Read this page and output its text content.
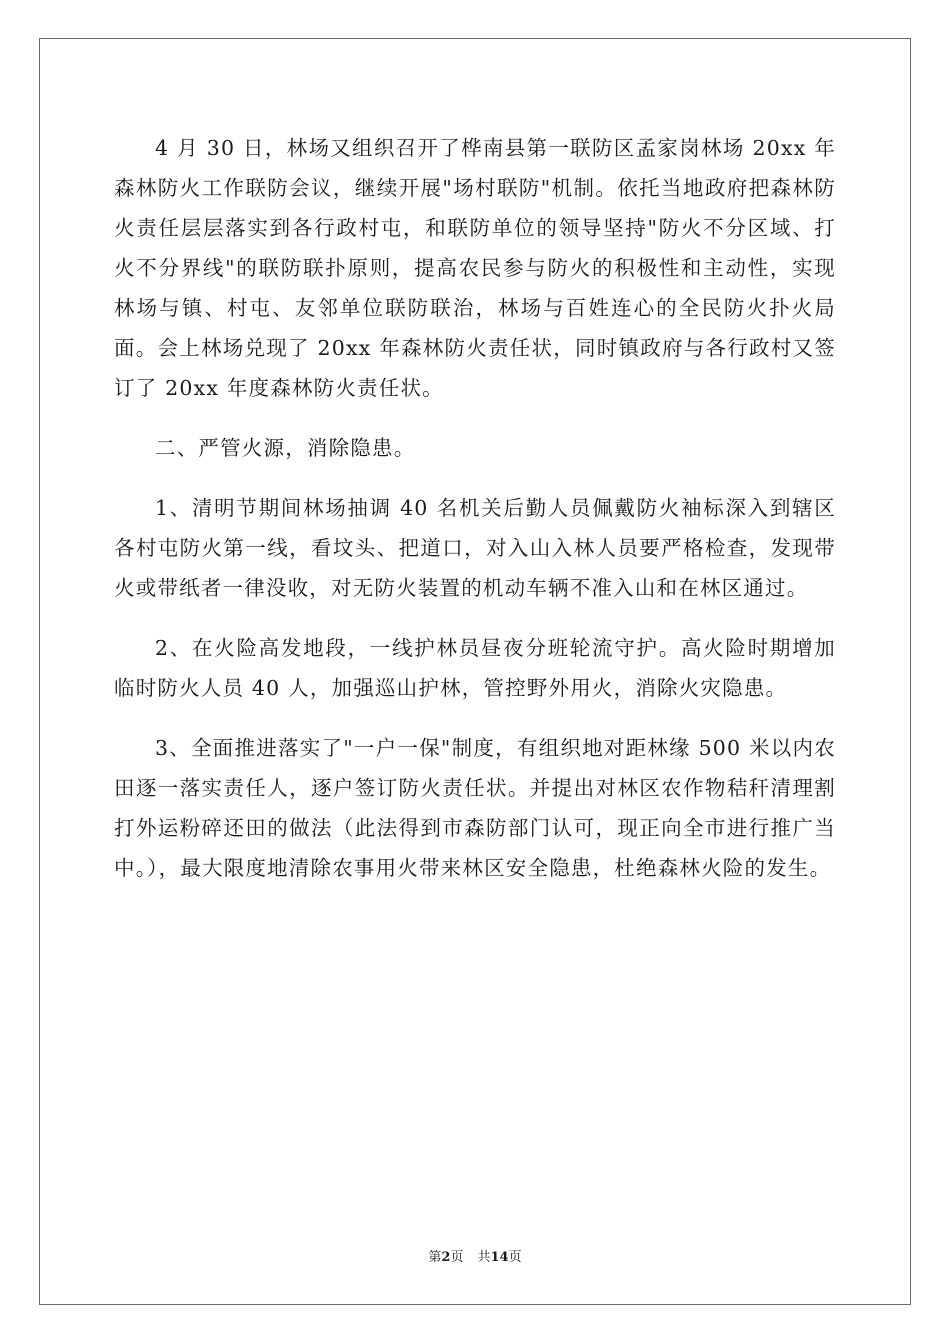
4 月 30 日，林场又组织召开了桦南县第一联防区孟家岗林场 20xx 年森林防火工作联防会议，继续开展"场村联防"机制。依托当地政府把森林防火责任层层落实到各行政村屯，和联防单位的领导坚持"防火不分区域、打火不分界线"的联防联扑原则，提高农民参与防火的积极性和主动性，实现林场与镇、村屯、友邻单位联防联治，林场与百姓连心的全民防火扑火局面。会上林场兑现了 20xx 年森林防火责任状，同时镇政府与各行政村又签订了 20xx 年度森林防火责任状。

二、严管火源，消除隐患。

1、清明节期间林场抽调 40 名机关后勤人员佩戴防火袖标深入到辖区各村屯防火第一线，看坟头、把道口，对入山入林人员要严格检查，发现带火或带纸者一律没收，对无防火装置的机动车辆不准入山和在林区通过。

2、在火险高发地段，一线护林员昼夜分班轮流守护。高火险时期增加临时防火人员 40 人，加强巡山护林，管控野外用火，消除火灾隐患。

3、全面推进落实了"一户一保"制度，有组织地对距林缘 500 米以内农田逐一落实责任人，逐户签订防火责任状。并提出对林区农作物秸秆清理割打外运粉碎还田的做法（此法得到市森防部门认可，现正向全市进行推广当中。），最大限度地清除农事用火带来林区安全隐患，杜绝森林火险的发生。

第2页 共14页
